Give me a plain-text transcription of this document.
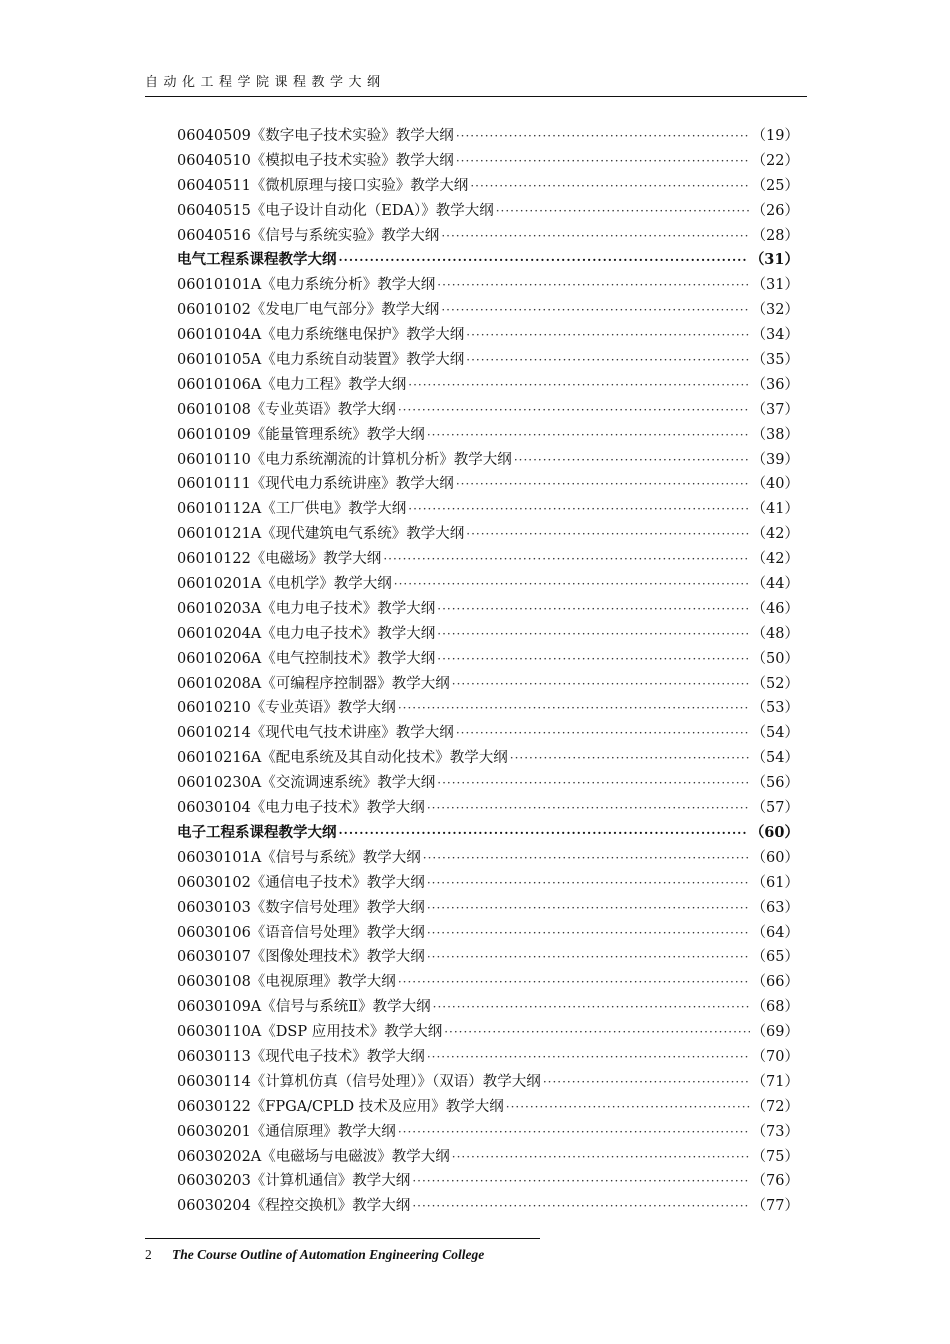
自动化工程学院课程教学大纲
06040509《数字电子技术实验》教学大纲 ·····	（19）
06040510《模拟电子技术实验》教学大纲 ·····	（22）
06040511《微机原理与接口实验》教学大纲 ·····	（25）
06040515《电子设计自动化（EDA）》教学大纲 ·····	（26）
06040516《信号与系统实验》教学大纲 ·····	（28）
电气工程系课程教学大纲 ·····	（31）
06010101A《电力系统分析》教学大纲 ·····	（31）
06010102《发电厂电气部分》教学大纲 ·····	（32）
06010104A《电力系统继电保护》教学大纲 ·····	（34）
06010105A《电力系统自动装置》教学大纲 ·····	（35）
06010106A《电力工程》教学大纲 ·····	（36）
06010108《专业英语》教学大纲 ·····	（37）
06010109《能量管理系统》教学大纲 ·····	（38）
06010110《电力系统潮流的计算机分析》教学大纲 ·····	（39）
06010111《现代电力系统讲座》教学大纲 ·····	（40）
06010112A《工厂供电》教学大纲 ·····	（41）
06010121A《现代建筑电气系统》教学大纲 ·····	（42）
06010122《电磁场》教学大纲 ·····	（42）
06010201A《电机学》教学大纲 ·····	（44）
06010203A《电力电子技术》教学大纲 ·····	（46）
06010204A《电力电子技术》教学大纲 ·····	（48）
06010206A《电气控制技术》教学大纲 ·····	（50）
06010208A《可编程序控制器》教学大纲 ·····	（52）
06010210《专业英语》教学大纲 ·····	（53）
06010214《现代电气技术讲座》教学大纲 ·····	（54）
06010216A《配电系统及其自动化技术》教学大纲 ·····	（54）
06010230A《交流调速系统》教学大纲 ·····	（56）
06030104《电力电子技术》教学大纲 ·····	（57）
电子工程系课程教学大纲 ·····	（60）
06030101A《信号与系统》教学大纲 ·····	（60）
06030102《通信电子技术》教学大纲 ·····	（61）
06030103《数字信号处理》教学大纲 ·····	（63）
06030106《语音信号处理》教学大纲 ·····	（64）
06030107《图像处理技术》教学大纲 ·····	（65）
06030108《电视原理》教学大纲 ·····	（66）
06030109A《信号与系统Ⅱ》教学大纲 ·····	（68）
06030110A《DSP 应用技术》教学大纲 ·····	（69）
06030113《现代电子技术》教学大纲 ·····	（70）
06030114《计算机仿真（信号处理）》（双语）教学大纲 ·····	（71）
06030122《FPGA/CPLD 技术及应用》教学大纲 ·····	（72）
06030201《通信原理》教学大纲 ·····	（73）
06030202A《电磁场与电磁波》教学大纲 ·····	（75）
06030203《计算机通信》教学大纲 ·····	（76）
06030204《程控交换机》教学大纲 ·····	（77）
2 The Course Outline of Automation Engineering College
